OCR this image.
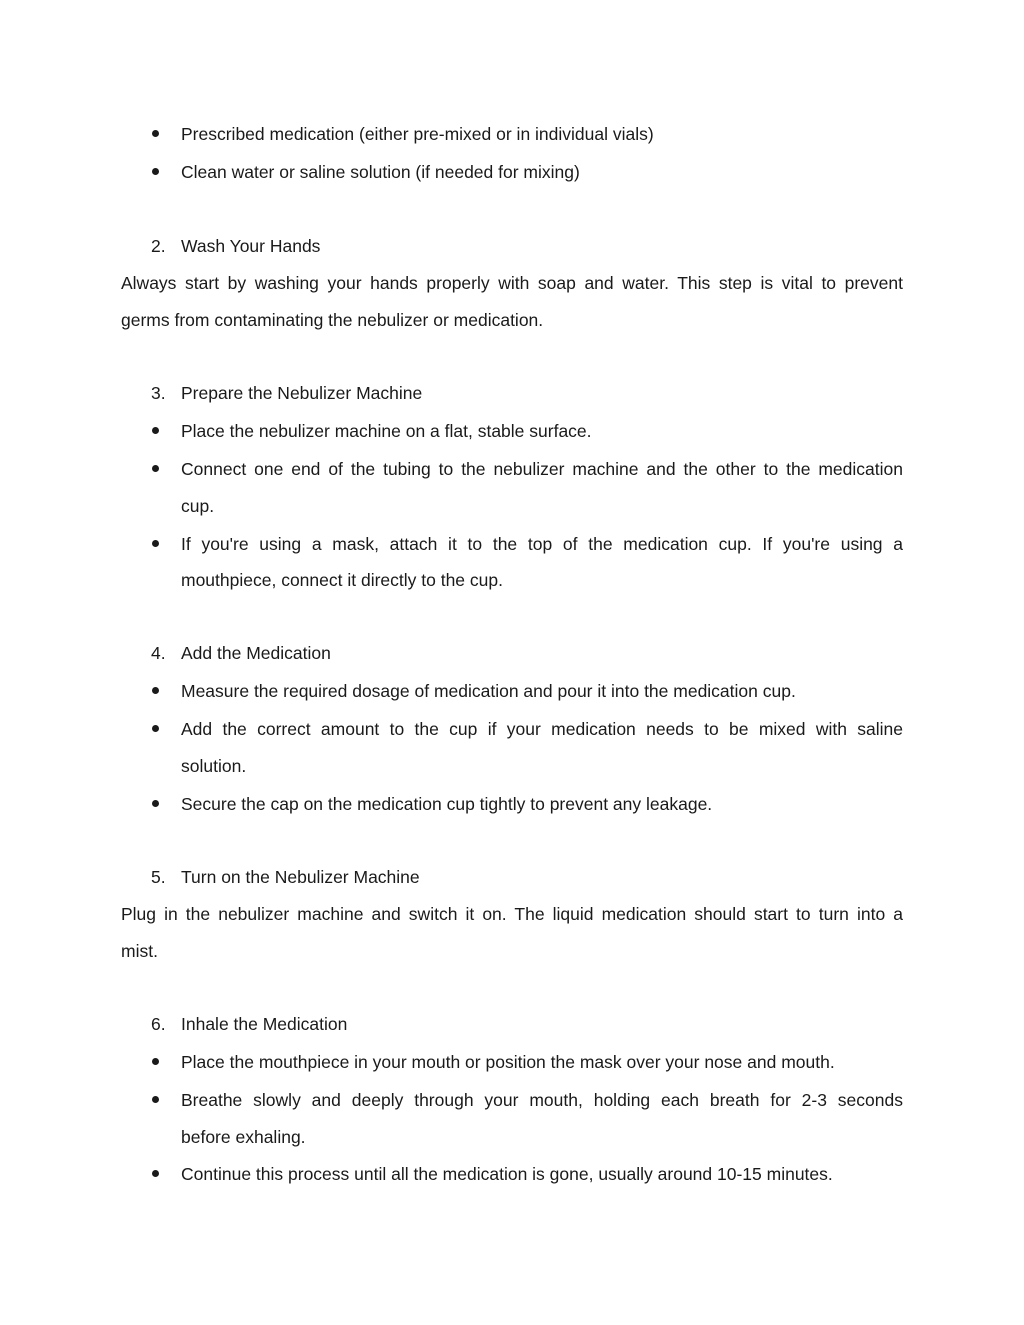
Prescribed medication (either pre-mixed or in individual vials)
Clean water or saline solution (if needed for mixing)
2. Wash Your Hands
Always start by washing your hands properly with soap and water. This step is vital to prevent
germs from contaminating the nebulizer or medication.
3. Prepare the Nebulizer Machine
Place the nebulizer machine on a flat, stable surface.
Connect one end of the tubing to the nebulizer machine and the other to the medication
cup.
If you're using a mask, attach it to the top of the medication cup. If you're using a
mouthpiece, connect it directly to the cup.
4. Add the Medication
Measure the required dosage of medication and pour it into the medication cup.
Add the correct amount to the cup if your medication needs to be mixed with saline
solution.
Secure the cap on the medication cup tightly to prevent any leakage.
5. Turn on the Nebulizer Machine
Plug in the nebulizer machine and switch it on. The liquid medication should start to turn into a
mist.
6. Inhale the Medication
Place the mouthpiece in your mouth or position the mask over your nose and mouth.
Breathe slowly and deeply through your mouth, holding each breath for 2-3 seconds
before exhaling.
Continue this process until all the medication is gone, usually around 10-15 minutes.
